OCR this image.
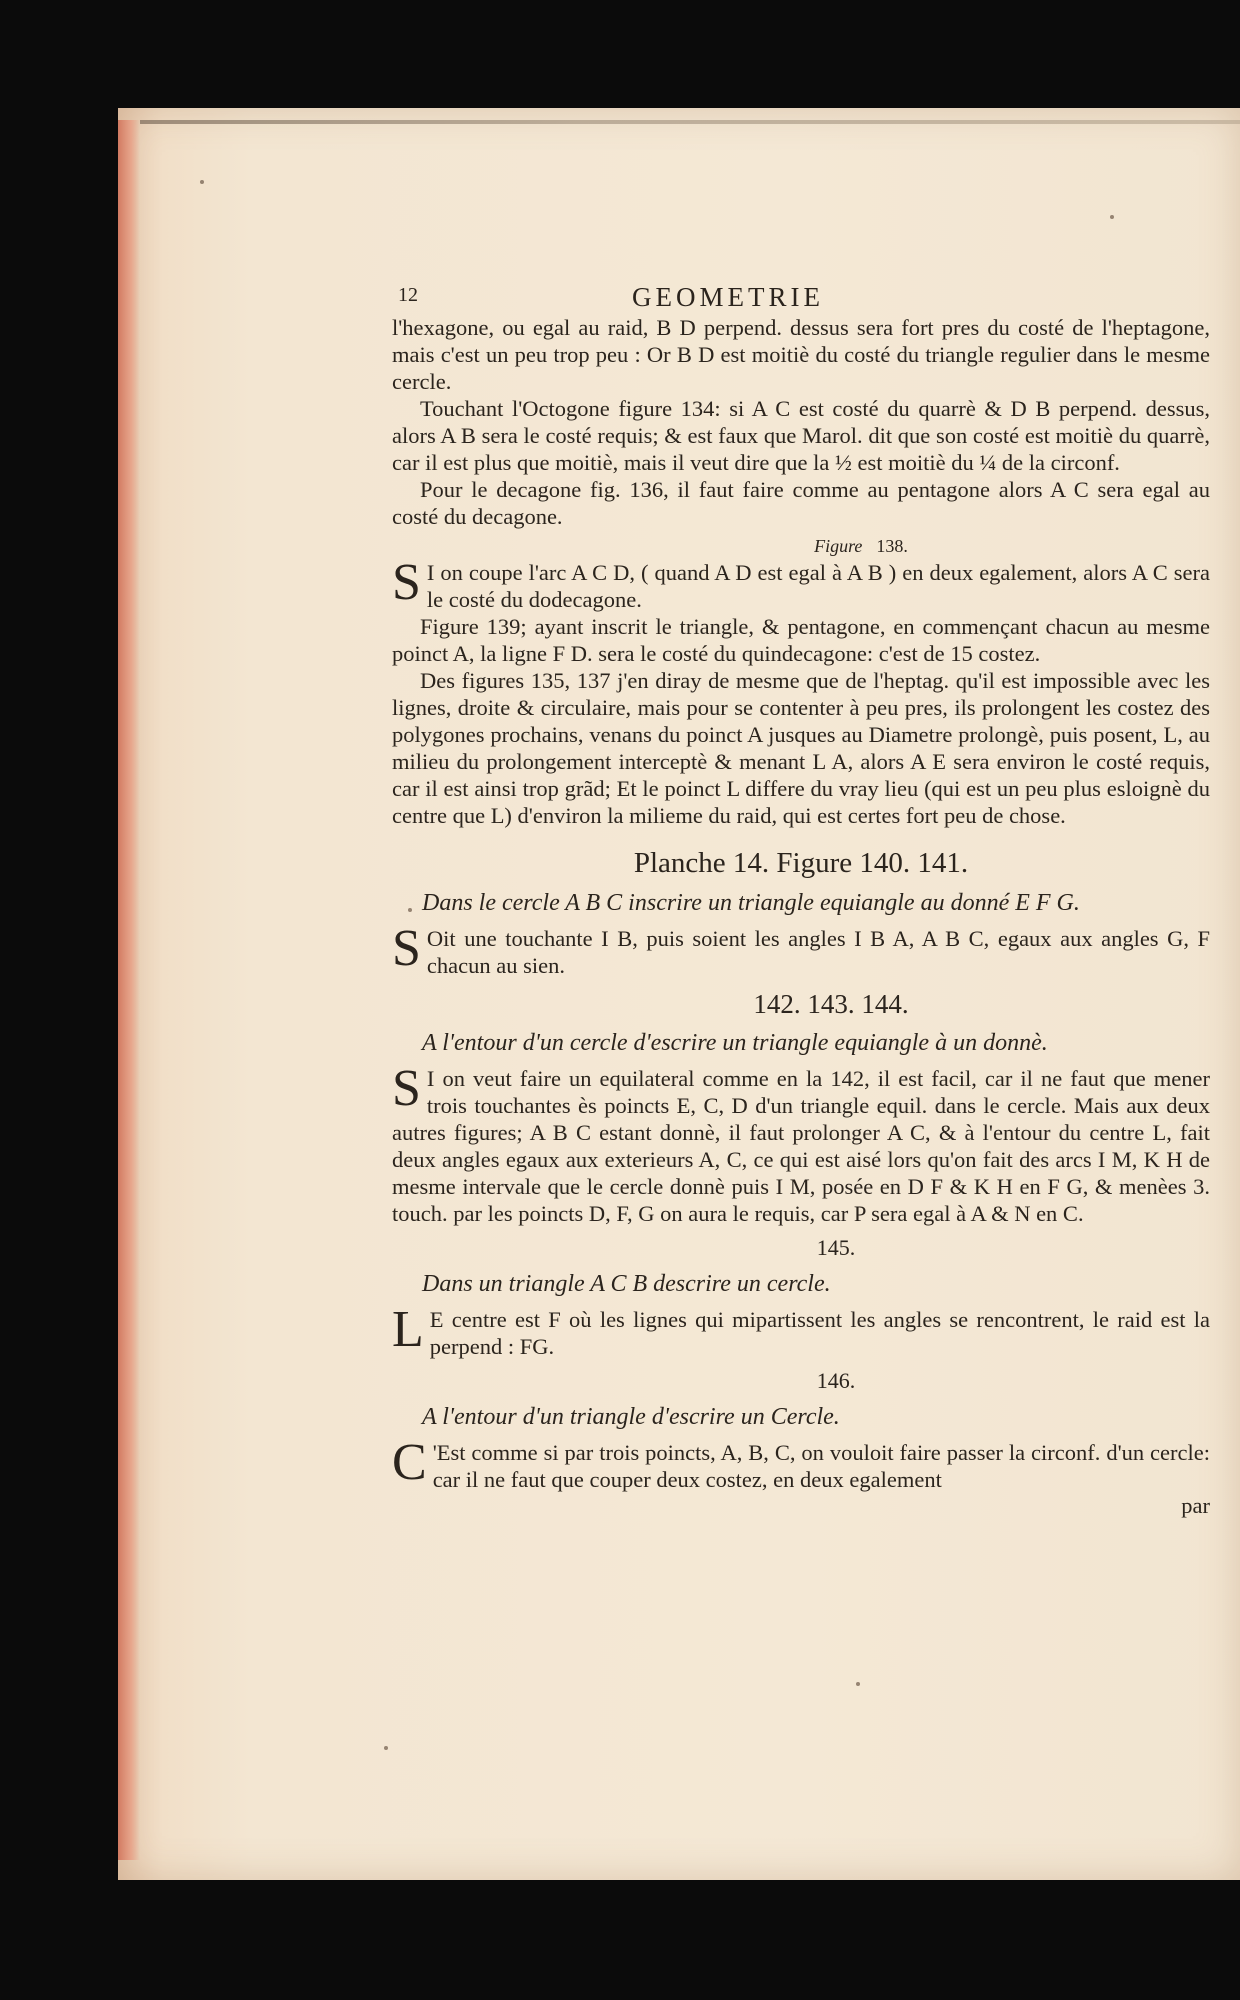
12	GEOMETRIE

l'hexagone, ou egal au raid, B D perpend. dessus sera fort pres du costé de l'heptagone, mais c'est un peu trop peu : Or B D est moitiè du costé du triangle regulier dans le mesme cercle.

Touchant l'Octogone figure 134: si A C est costé du quarrè & D B perpend. dessus, alors A B sera le costé requis; & est faux que Marol. dit que son costé est moitiè du quarrè, car il est plus que moitiè, mais il veut dire que la ½ est moitiè du ¼ de la circonf.

Pour le decagone fig. 136, il faut faire comme au pentagone alors A C sera egal au costé du decagone.

Figure 138.

S I on coupe l'arc A C D, ( quand A D est egal à A B ) en deux egalement, alors A C sera le costé du dodecagone.

Figure 139; ayant inscrit le triangle, & pentagone, en commençant chacun au mesme poinct A, la ligne F D. sera le costé du quindecagone: c'est de 15 costez.

Des figures 135, 137 j'en diray de mesme que de l'heptag. qu'il est impossible avec les lignes, droite & circulaire, mais pour se contenter à peu pres, ils prolongent les costez des polygones prochains, venans du poinct A jusques au Diametre prolongè, puis posent, L, au milieu du prolongement interceptè & menant L A, alors A E sera environ le costé requis, car il est ainsi trop grãd; Et le poinct L differe du vray lieu (qui est un peu plus esloignè du centre que L) d'environ la milieme du raid, qui est certes fort peu de chose.

Planche 14. Figure 140. 141.
Dans le cercle A B C inscrire un triangle equiangle au donné E F G.

S Oit une touchante I B, puis soient les angles I B A, A B C, egaux aux angles G, F chacun au sien.

142. 143. 144.
A l'entour d'un cercle d'escrire un triangle equiangle à un donnè.

S I on veut faire un equilateral comme en la 142, il est facil, car il ne faut que mener trois touchantes ès poincts E, C, D d'un triangle equil. dans le cercle. Mais aux deux autres figures; A B C estant donnè, il faut prolonger A C, & à l'entour du centre L, fait deux angles egaux aux exterieurs A, C, ce qui est aisé lors qu'on fait des arcs I M, K H de mesme intervale que le cercle donnè puis I M, posée en D F & K H en F G, & menèes 3. touch. par les poincts D, F, G on aura le requis, car P sera egal à A & N en C.

145.
Dans un triangle A C B descrire un cercle.

L E centre est F où les lignes qui mipartissent les angles se rencontrent, le raid est la perpend : FG.

146.
A l'entour d'un triangle d'escrire un Cercle.

C 'Est comme si par trois poincts, A, B, C, on vouloit faire passer la circonf. d'un cercle: car il ne faut que couper deux costez, en deux egalement

par
